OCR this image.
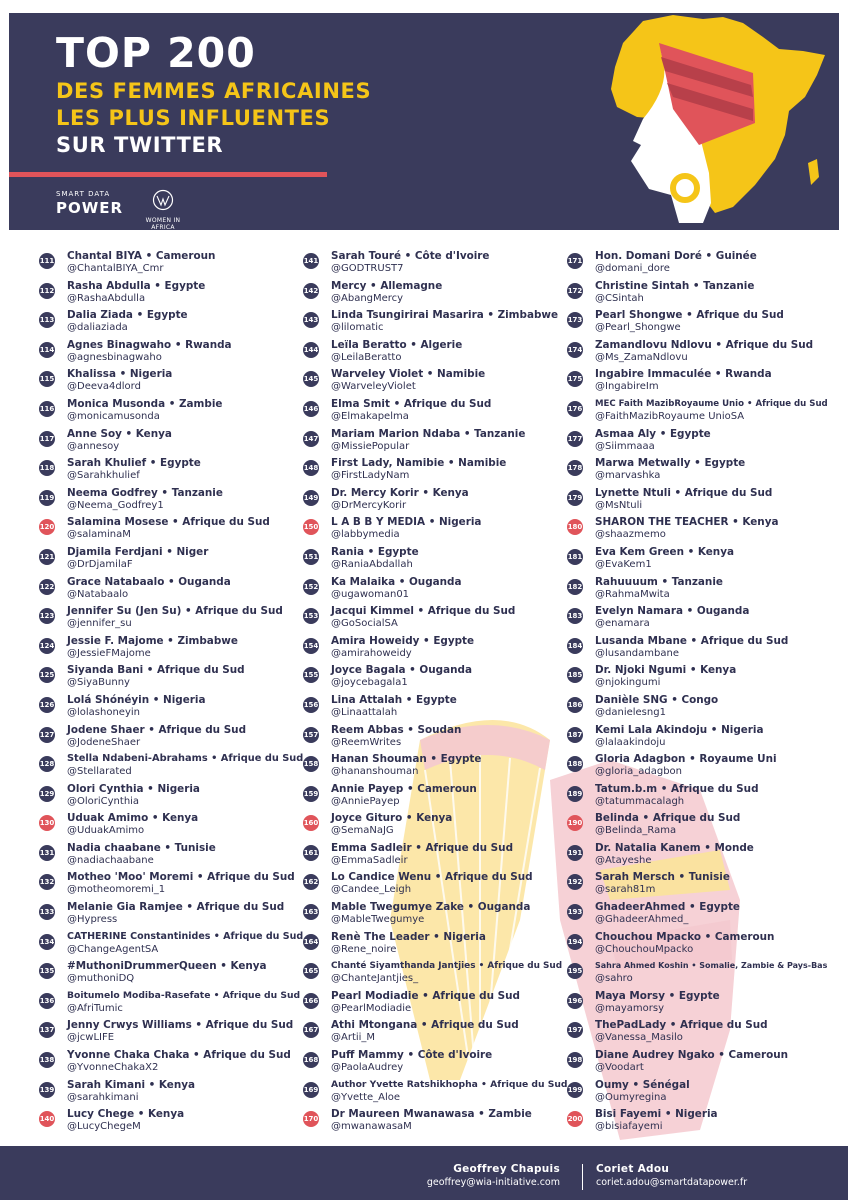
TOP 200
DES FEMMES AFRICAINES
LES PLUS INFLUENTES
SUR TWITTER
SMART DATA
POWER
WOMEN IN AFRICA
111 Chantal BIYA • Cameroun
@ChantalBIYA_Cmr
112 Rasha Abdulla • Egypte
@RashaAbdulla
113 Dalia Ziada • Egypte
@daliaziada
114 Agnes Binagwaho • Rwanda
@agnesbinagwaho
115 Khalissa • Nigeria
@Deeva4dlord
116 Monica Musonda • Zambie
@monicamusonda
117 Anne Soy • Kenya
@annesoy
118 Sarah Khulief • Egypte
@Sarahkhulief
119 Neema Godfrey • Tanzanie
@Neema_Godfrey1
120 Salamina Mosese • Afrique du Sud
@salaminaM
121 Djamila Ferdjani • Niger
@DrDjamilaF
122 Grace Natabaalo • Ouganda
@Natabaalo
123 Jennifer Su (Jen Su) • Afrique du Sud
@jennifer_su
124 Jessie F. Majome • Zimbabwe
@JessieFMajome
125 Siyanda Bani • Afrique du Sud
@SiyaBunny
126 Lolá Shónéyin • Nigeria
@lolashoneyin
127 Jodene Shaer • Afrique du Sud
@JodeneShaer
128 Stella Ndabeni-Abrahams • Afrique du Sud
@Stellarated
129 Olori Cynthia • Nigeria
@OloriCynthia
130 Uduak Amimo • Kenya
@UduakAmimo
131 Nadia chaabane • Tunisie
@nadiachaabane
132 Motheo 'Moo' Moremi • Afrique du Sud
@motheomoremi_1
133 Melanie Gia Ramjee • Afrique du Sud
@Hypress
134 CATHERINE Constantinides • Afrique du Sud
@ChangeAgentSA
135 #MuthoniDrummerQueen • Kenya
@muthoniDQ
136 Boitumelo Modiba-Rasefate • Afrique du Sud
@AfriTumic
137 Jenny Crwys Williams • Afrique du Sud
@jcwLIFE
138 Yvonne Chaka Chaka • Afrique du Sud
@YvonneChakaX2
139 Sarah Kimani • Kenya
@sarahkimani
140 Lucy Chege • Kenya
@LucyChegeM
141 Sarah Touré • Côte d'Ivoire
@GODTRUST7
142 Mercy • Allemagne
@AbangMercy
143 Linda Tsungirirai Masarira • Zimbabwe
@lilomatic
144 Leïla Beratto • Algerie
@LeilaBeratto
145 Warveley Violet • Namibie
@WarveleyViolet
146 Elma Smit • Afrique du Sud
@Elmakapelma
147 Mariam Marion Ndaba • Tanzanie
@MissiePopular
148 First Lady, Namibie • Namibie
@FirstLadyNam
149 Dr. Mercy Korir • Kenya
@DrMercyKorir
150 L A B B Y MEDIA • Nigeria
@labbymedia
151 Rania • Egypte
@RaniaAbdallah
152 Ka Malaika • Ouganda
@ugawoman01
153 Jacqui Kimmel • Afrique du Sud
@GoSocialSA
154 Amira Howeidy • Egypte
@amirahoweidy
155 Joyce Bagala • Ouganda
@joycebagala1
156 Lina Attalah • Egypte
@Linaattalah
157 Reem Abbas • Soudan
@ReemWrites
158 Hanan Shouman • Egypte
@hananshouman
159 Annie Payep • Cameroun
@AnniePayep
160 Joyce Gituro • Kenya
@SemaNaJG
161 Emma Sadleir • Afrique du Sud
@EmmaSadleir
162 Lo Candice Wenu • Afrique du Sud
@Candee_Leigh
163 Mable Twegumye Zake • Ouganda
@MableTwegumye
164 Renè The Leader • Nigeria
@Rene_noire
165 Chanté Siyamthanda Jantjies • Afrique du Sud
@ChanteJantjies_
166 Pearl Modiadie • Afrique du Sud
@PearlModiadie
167 Athi Mtongana • Afrique du Sud
@Artii_M
168 Puff Mammy • Côte d'Ivoire
@PaolaAudrey
169 Author Yvette Ratshikhopha • Afrique du Sud
@Yvette_Aloe
170 Dr Maureen Mwanawasa • Zambie
@mwanawasaM
171 Hon. Domani Doré • Guinée
@domani_dore
172 Christine Sintah • Tanzanie
@CSintah
173 Pearl Shongwe • Afrique du Sud
@Pearl_Shongwe
174 Zamandlovu Ndlovu • Afrique du Sud
@Ms_ZamaNdlovu
175 Ingabire Immaculée • Rwanda
@IngabireIm
176 MEC Faith MazibRoyaume Unio • Afrique du Sud
@FaithMazibRoyaume UnioSA
177 Asmaa Aly • Egypte
@Siimmaaa
178 Marwa Metwally • Egypte
@marvashka
179 Lynette Ntuli • Afrique du Sud
@MsNtuli
180 SHARON THE TEACHER • Kenya
@shaazmemo
181 Eva Kem Green • Kenya
@EvaKem1
182 Rahuuuum • Tanzanie
@RahmaMwita
183 Evelyn Namara • Ouganda
@enamara
184 Lusanda Mbane • Afrique du Sud
@lusandambane
185 Dr. Njoki Ngumi • Kenya
@njokingumi
186 Danièle SNG • Congo
@danielesng1
187 Kemi Lala Akindoju • Nigeria
@lalaakindoju
188 Gloria Adagbon • Royaume Uni
@gloria_adagbon
189 Tatum.b.m • Afrique du Sud
@tatummacalagh
190 Belinda • Afrique du Sud
@Belinda_Rama
191 Dr. Natalia Kanem • Monde
@Atayeshe
192 Sarah Mersch • Tunisie
@sarah81m
193 GhadeerAhmed • Egypte
@GhadeerAhmed_
194 Chouchou Mpacko • Cameroun
@ChouchouMpacko
195
Sahra Ahmed Koshin • Somalie, Zambie & Pays-Bas
@sahro
196 Maya Morsy • Egypte
@mayamorsy
197 ThePadLady • Afrique du Sud
@Vanessa_Masilo
198 Diane Audrey Ngako • Cameroun
@Voodart
199 Oumy • Sénégal
@Oumyregina
200 Bisi Fayemi • Nigeria
@bisiafayemi
Geoffrey Chapuis
geoffrey@wia-initiative.com
Coriet Adou
coriet.adou@smartdatapower.fr
